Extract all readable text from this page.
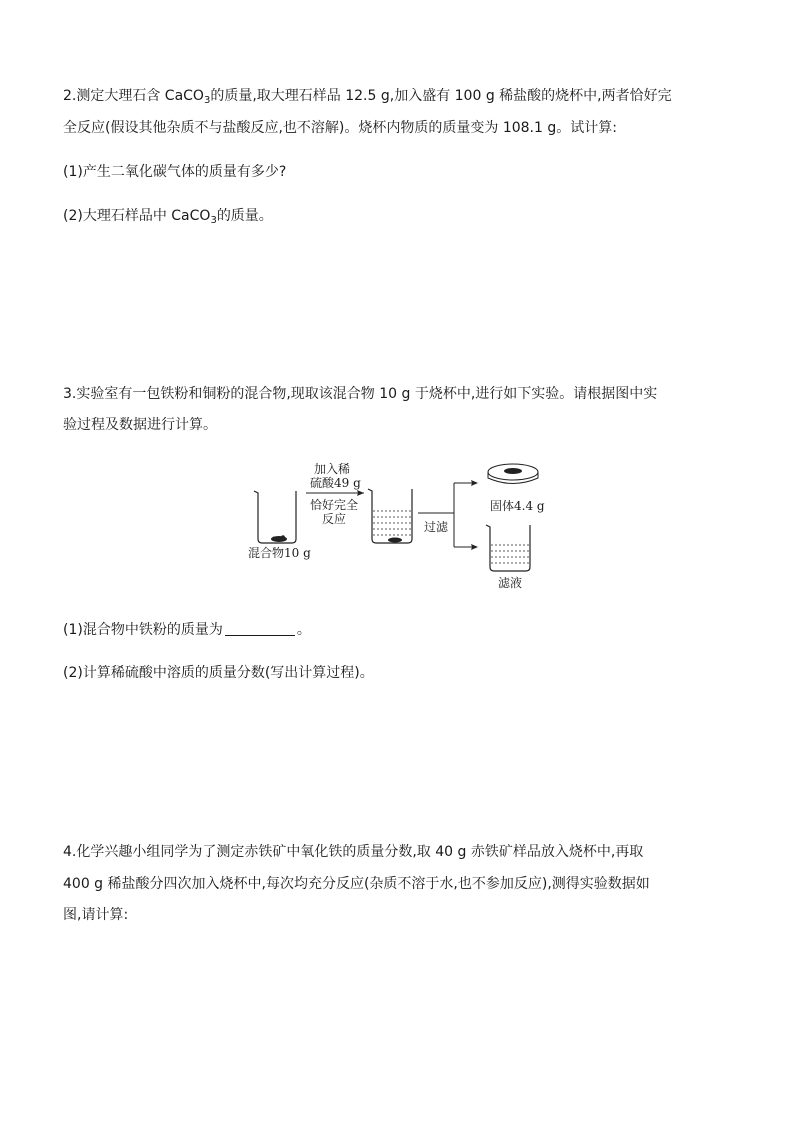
2.测定大理石含 CaCO$_3$的质量,取大理石样品 12.5 g,加入盛有 100 g 稀盐酸的烧杯中,两者恰好完
全反应(假设其他杂质不与盐酸反应,也不溶解)。烧杯内物质的质量变为 108.1 g。试计算:
(1)产生二氧化碳气体的质量有多少?
(2)大理石样品中 CaCO$_3$的质量。
3.实验室有一包铁粉和铜粉的混合物,现取该混合物 10 g 于烧杯中,进行如下实验。请根据图中实
验过程及数据进行计算。
混合物10 g
加入稀
硫酸49 g
恰好完全
反应
过滤
固体4.4 g
滤液
(1)混合物中铁粉的质量为	。
(2)计算稀硫酸中溶质的质量分数(写出计算过程)。
4.化学兴趣小组同学为了测定赤铁矿中氧化铁的质量分数,取 40 g 赤铁矿样品放入烧杯中,再取
400 g 稀盐酸分四次加入烧杯中,每次均充分反应(杂质不溶于水,也不参加反应),测得实验数据如
图,请计算:
